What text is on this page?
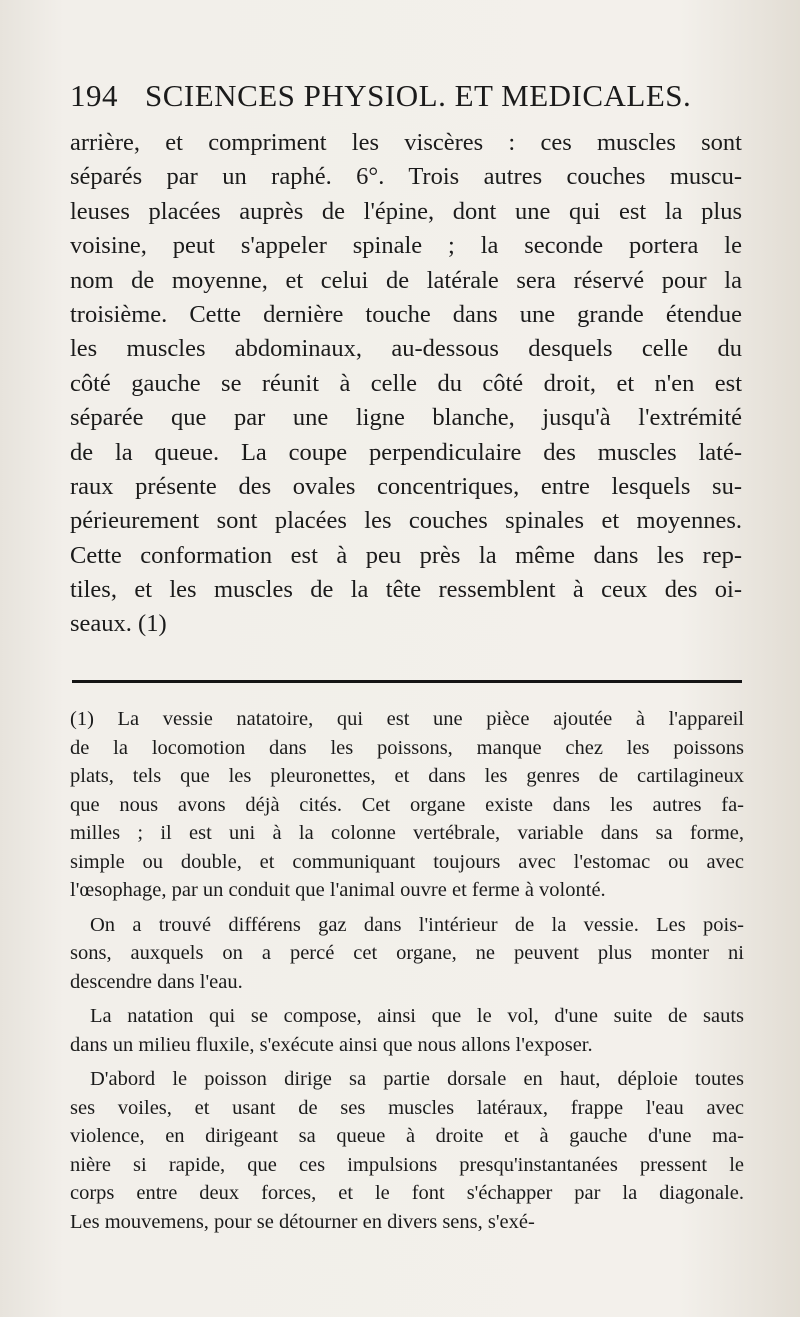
194 SCIENCES PHYSIOL. ET MEDICALES.
arrière, et compriment les viscères : ces muscles sont
séparés par un raphé. 6°. Trois autres couches muscu-
leuses placées auprès de l'épine, dont une qui est la plus
voisine, peut s'appeler spinale ; la seconde portera le
nom de moyenne, et celui de latérale sera réservé pour la
troisième. Cette dernière touche dans une grande étendue
les muscles abdominaux, au-dessous desquels celle du
côté gauche se réunit à celle du côté droit, et n'en est
séparée que par une ligne blanche, jusqu'à l'extrémité
de la queue. La coupe perpendiculaire des muscles laté-
raux présente des ovales concentriques, entre lesquels su-
périeurement sont placées les couches spinales et moyennes.
Cette conformation est à peu près la même dans les rep-
tiles, et les muscles de la tête ressemblent à ceux des oi-
seaux. (1)
(1) La vessie natatoire, qui est une pièce ajoutée à l'appareil
de la locomotion dans les poissons, manque chez les poissons
plats, tels que les pleuronettes, et dans les genres de cartilagineux
que nous avons déjà cités. Cet organe existe dans les autres fa-
milles ; il est uni à la colonne vertébrale, variable dans sa forme,
simple ou double, et communiquant toujours avec l'estomac ou avec
l'œsophage, par un conduit que l'animal ouvre et ferme à volonté.
On a trouvé différens gaz dans l'intérieur de la vessie. Les pois-
sons, auxquels on a percé cet organe, ne peuvent plus monter ni
descendre dans l'eau.
La natation qui se compose, ainsi que le vol, d'une suite de sauts
dans un milieu fluxile, s'exécute ainsi que nous allons l'exposer.
D'abord le poisson dirige sa partie dorsale en haut, déploie toutes
ses voiles, et usant de ses muscles latéraux, frappe l'eau avec
violence, en dirigeant sa queue à droite et à gauche d'une ma-
nière si rapide, que ces impulsions presqu'instantanées pressent le
corps entre deux forces, et le font s'échapper par la diagonale.
Les mouvemens, pour se détourner en divers sens, s'exé-
